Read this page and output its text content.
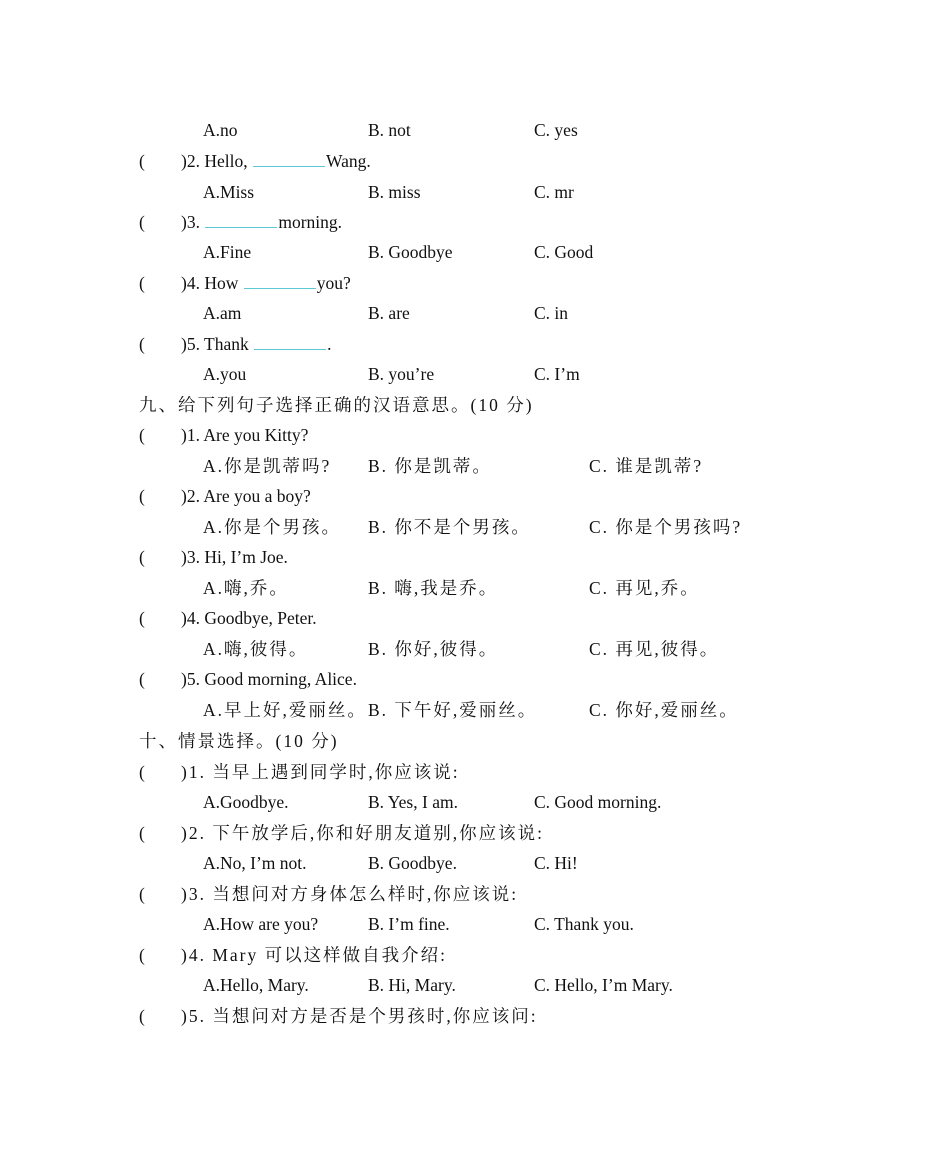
A.no	B. not	C. yes
( )2. Hello,	Wang.
A.Miss	B. miss	C. mr
( )3.	morning.
A.Fine	B. Goodbye	C. Good
( )4. How	you?
A.am	B. are	C. in
( )5. Thank	.
A.you	B. you’re	C. I’m
九、给下列句子选择正确的汉语意思。(10 分)
( )1. Are you Kitty?
A.你是凯蒂吗? B. 你是凯蒂。	C. 谁是凯蒂?
( )2. Are you a boy?
A.你是个男孩。 B. 你不是个男孩。	C. 你是个男孩吗?
( )3. Hi, I’m Joe.
A.嗨,乔。	B. 嗨,我是乔。	C. 再见,乔。
( )4. Goodbye, Peter.
A.嗨,彼得。	B. 你好,彼得。	C. 再见,彼得。
( )5. Good morning, Alice.
A.早上好,爱丽丝。 B. 下午好,爱丽丝。	C. 你好,爱丽丝。
十、情景选择。(10 分)
( )1. 当早上遇到同学时,你应该说:
A.Goodbye.	B. Yes, I am.	C. Good morning.
( )2. 下午放学后,你和好朋友道别,你应该说:
A.No, I’m not.	B. Goodbye.	C. Hi!
( )3. 当想问对方身体怎么样时,你应该说:
A.How are you?	B. I’m fine.	C. Thank you.
( )4. Mary 可以这样做自我介绍:
A.Hello, Mary.	B. Hi, Mary.	C. Hello, I’m Mary.
( )5. 当想问对方是否是个男孩时,你应该问:
